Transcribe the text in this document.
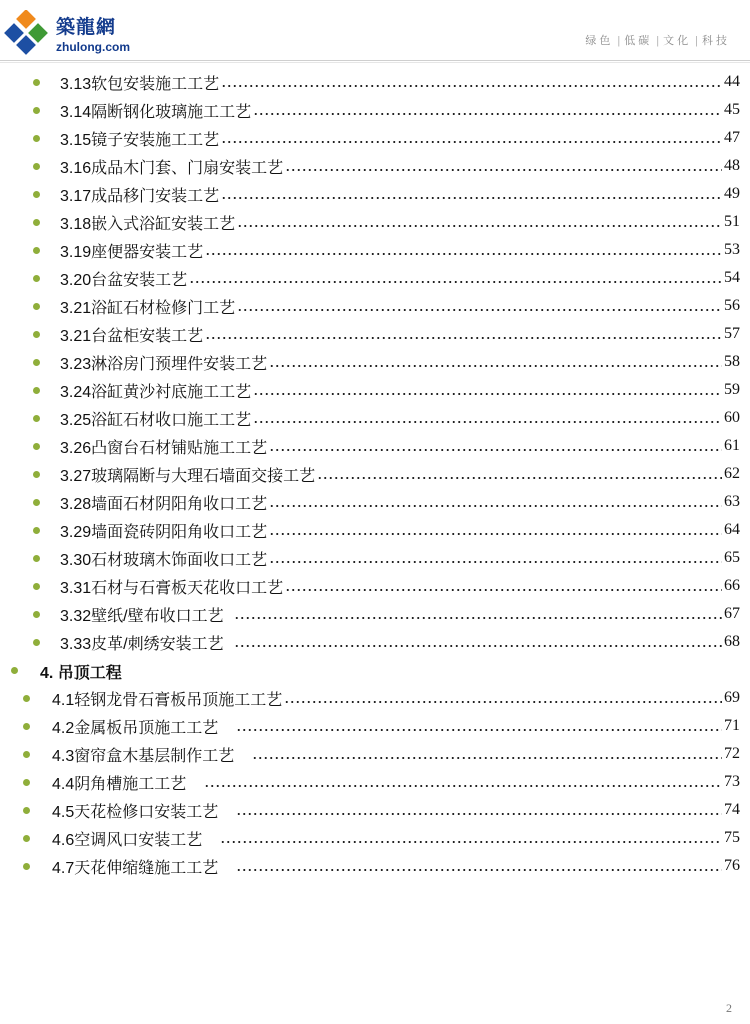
築龍網
zhulong.com	绿色 | 低碳 | 文化 | 科技
3.13软包安装施工工艺	44
3.14隔断钢化玻璃施工工艺	45
3.15镜子安装施工工艺	47
3.16成品木门套、门扇安装工艺	48
3.17成品移门安装工艺	49
3.18嵌入式浴缸安装工艺	51
3.19座便器安装工艺	53
3.20台盆安装工艺	54
3.21浴缸石材检修门工艺	56
3.21台盆柜安装工艺	57
3.23淋浴房门预埋件安装工艺	58
3.24浴缸黄沙衬底施工工艺	59
3.25浴缸石材收口施工工艺	60
3.26凸窗台石材铺贴施工工艺	61
3.27玻璃隔断与大理石墙面交接工艺	62
3.28墙面石材阴阳角收口工艺	63
3.29墙面瓷砖阴阳角收口工艺	64
3.30石材玻璃木饰面收口工艺	65
3.31石材与石膏板天花收口工艺	66
3.32壁纸/壁布收口工艺	67
3.33皮革/刺绣安装工艺	68
4. 吊顶工程
4.1轻钢龙骨石膏板吊顶施工工艺	69
4.2金属板吊顶施工工艺	71
4.3窗帘盒木基层制作工艺	72
4.4阴角槽施工工艺	73
4.5天花检修口安装工艺	74
4.6空调风口安装工艺	75
4.7天花伸缩缝施工工艺	76
2
